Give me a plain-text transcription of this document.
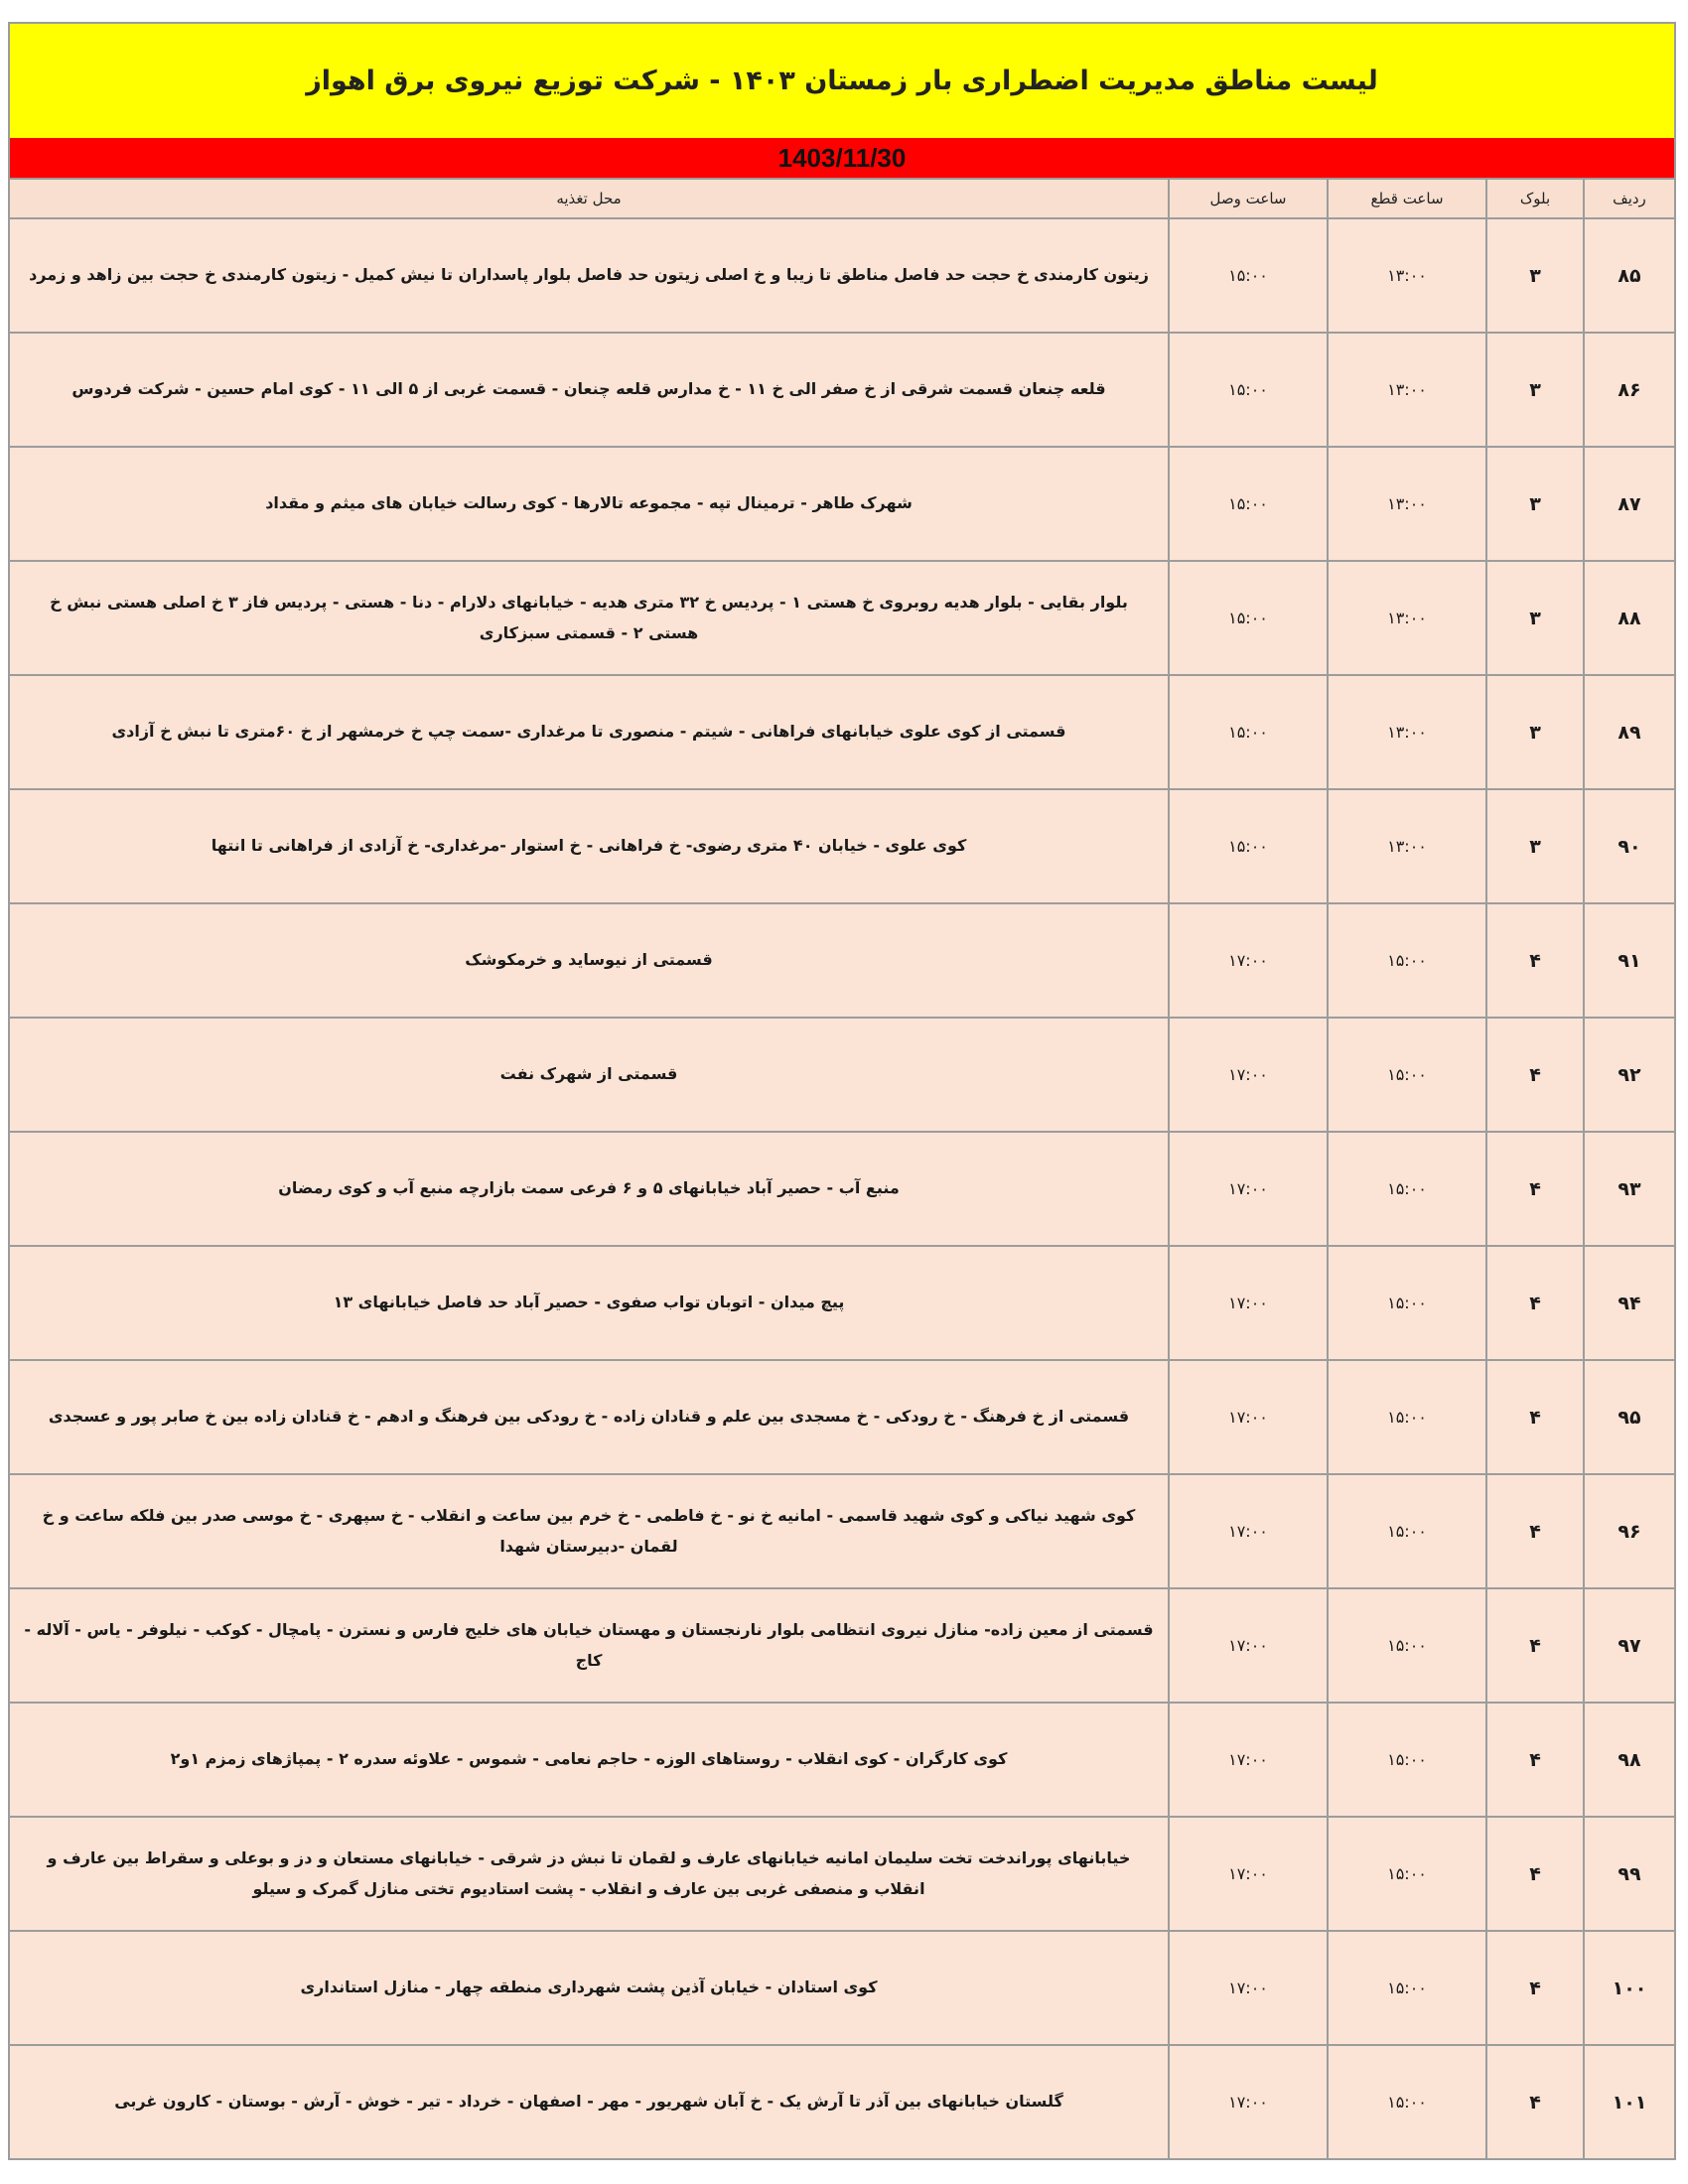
لیست مناطق مدیریت اضطراری بار زمستان ۱۴۰۳ - شرکت توزیع نیروی برق اهواز
1403/11/30
ردیف	بلوک	ساعت قطع	ساعت وصل	محل تغذیه
۸۵	۳	۱۳:۰۰	۱۵:۰۰	زیتون کارمندی خ حجت حد فاصل مناطق تا زیبا و خ اصلی زیتون حد فاصل بلوار پاسداران تا نیش کمیل - زیتون کارمندی خ حجت بین زاهد و زمرد
۸۶	۳	۱۳:۰۰	۱۵:۰۰	قلعه چنعان قسمت شرقی از خ صفر الی خ ۱۱ - خ مدارس قلعه چنعان - قسمت غربی از ۵ الی ۱۱ - کوی امام حسین - شرکت فردوس
۸۷	۳	۱۳:۰۰	۱۵:۰۰	شهرک طاهر - ترمینال تپه - مجموعه تالارها - کوی رسالت خیابان های میثم و مقداد
۸۸	۳	۱۳:۰۰	۱۵:۰۰	بلوار بقایی - بلوار هدیه روبروی خ هستی ۱ - پردیس خ ۳۲ متری هدیه - خیابانهای دلارام - دنا - هستی - پردیس فاز ۳ خ اصلی هستی نبش خ هستی ۲ - قسمتی سبزکاری
۸۹	۳	۱۳:۰۰	۱۵:۰۰	قسمتی از کوی علوی خیابانهای فراهانی - شیتم - منصوری تا مرغداری -سمت چپ خ خرمشهر از خ ۶۰متری تا نبش خ آزادی
۹۰	۳	۱۳:۰۰	۱۵:۰۰	کوی علوی - خیابان ۴۰ متری رضوی- خ فراهانی - خ استوار -مرغداری- خ آزادی از فراهانی تا انتها
۹۱	۴	۱۵:۰۰	۱۷:۰۰	قسمتی از نیوساید و خرمکوشک
۹۲	۴	۱۵:۰۰	۱۷:۰۰	قسمتی از شهرک نفت
۹۳	۴	۱۵:۰۰	۱۷:۰۰	منبع آب - حصیر آباد خیابانهای ۵ و ۶ فرعی سمت بازارچه منبع آب و کوی رمضان
۹۴	۴	۱۵:۰۰	۱۷:۰۰	پیچ میدان - اتوبان تواب صفوی - حصیر آباد حد فاصل خیابانهای ۱۳
۹۵	۴	۱۵:۰۰	۱۷:۰۰	قسمتی از خ فرهنگ - خ رودکی - خ مسجدی بین علم و قنادان زاده - خ رودکی بین فرهنگ و ادهم - خ قنادان زاده بین خ صابر پور و عسجدی
۹۶	۴	۱۵:۰۰	۱۷:۰۰	کوی شهید نیاکی و کوی شهید قاسمی - امانیه خ نو - خ فاطمی - خ خرم بین ساعت و انقلاب - خ سپهری - خ موسی صدر بین فلکه ساعت و خ لقمان -دبیرستان شهدا
۹۷	۴	۱۵:۰۰	۱۷:۰۰	قسمتی از معین زاده- منازل نیروی انتظامی بلوار نارنجستان و مهستان خیابان های خلیج فارس و نسترن - پامچال - کوکب - نیلوفر - یاس - آلاله - کاج
۹۸	۴	۱۵:۰۰	۱۷:۰۰	کوی کارگران - کوی انقلاب - روستاهای الوزه - حاجم نعامی - شموس - علاوئه سدره ۲ - پمپاژهای زمزم ۱و۲
۹۹	۴	۱۵:۰۰	۱۷:۰۰	خیابانهای پوراندخت تخت سلیمان امانیه خیابانهای عارف و لقمان تا نبش دز شرقی - خیابانهای مستعان و دز و بوعلی و سقراط بین عارف و انقلاب و منصفی غربی بین عارف و انقلاب - پشت استادیوم تختی منازل گمرک و سیلو
۱۰۰	۴	۱۵:۰۰	۱۷:۰۰	کوی استادان - خیابان آذین پشت شهرداری منطقه چهار - منازل استانداری
۱۰۱	۴	۱۵:۰۰	۱۷:۰۰	گلستان خیابانهای بین آذر تا آرش یک - خ آبان شهریور - مهر - اصفهان - خرداد - تیر - خوش - آرش - بوستان - کارون غربی
